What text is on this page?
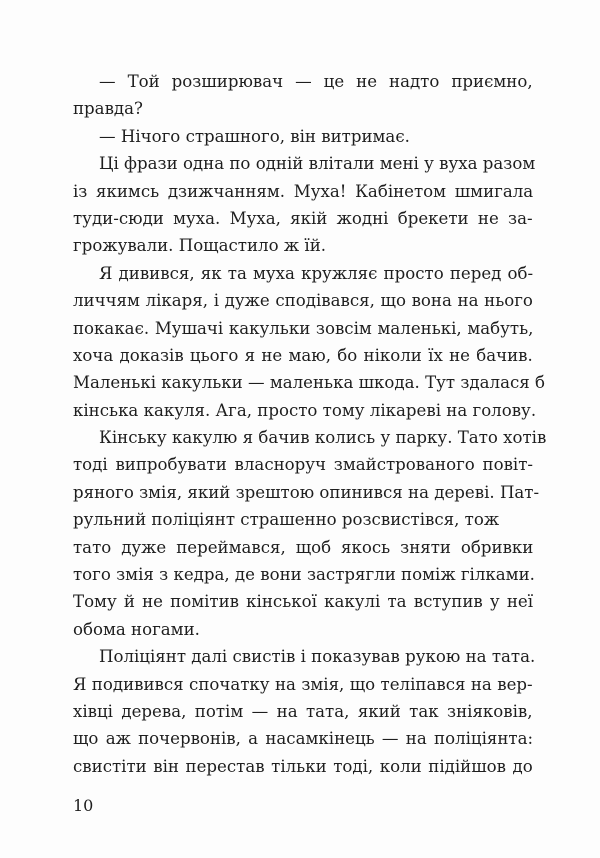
— Той розширювач — це не надто приємно,
правда?
— Нічого страшного, він витримає.
Ці фрази одна по одній влітали мені у вуха разом
із якимсь дзижчанням. Муха! Кабінетом шмигала
туди-сюди муха. Муха, якій жодні брекети не за-
грожували. Пощастило ж їй.
Я дивився, як та муха кружляє просто перед об-
личчям лікаря, і дуже сподівався, що вона на нього
покакає. Мушачі какульки зовсім маленькі, мабуть,
хоча доказів цього я не маю, бо ніколи їх не бачив.
Маленькі какульки — маленька шкода. Тут здалася б
кінська какуля. Ага, просто тому лікареві на голову.
Кінську какулю я бачив колись у парку. Тато хотів
тоді випробувати власноруч змайстрованого повіт-
ряного змія, який зрештою опинився на дереві. Пат-
рульний поліціянт страшенно розсвистівся, тож
тато дуже переймався, щоб якось зняти обривки
того змія з кедра, де вони застрягли поміж гілками.
Тому й не помітив кінської какулі та вступив у неї
обома ногами.
Поліціянт далі свистів і показував рукою на тата.
Я подивився спочатку на змія, що теліпався на вер-
хівці дерева, потім — на тата, який так зніяковів,
що аж почервонів, а насамкінець — на поліціянта:
свистіти він перестав тільки тоді, коли підійшов до
10
